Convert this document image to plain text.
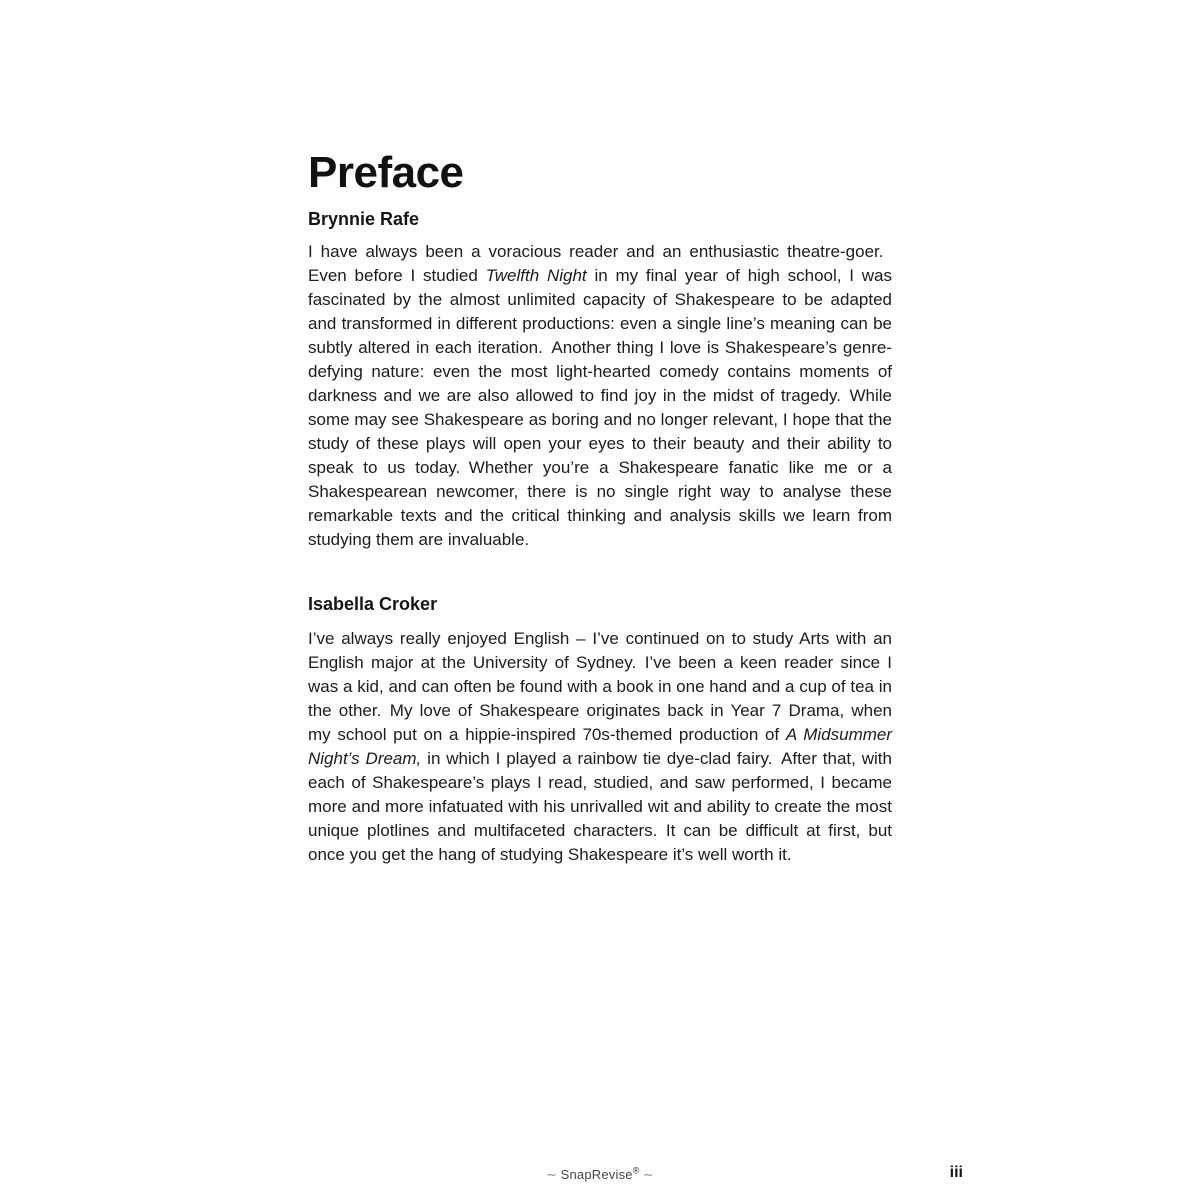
Preface
Brynnie Rafe

I have always been a voracious reader and an enthusiastic theatre-goer. Even before I studied Twelfth Night in my final year of high school, I was fascinated by the almost unlimited capacity of Shakespeare to be adapted and transformed in different productions: even a single line’s meaning can be subtly altered in each iteration. Another thing I love is Shakespeare’s genre-defying nature: even the most light-hearted comedy contains moments of darkness and we are also allowed to find joy in the midst of tragedy. While some may see Shakespeare as boring and no longer relevant, I hope that the study of these plays will open your eyes to their beauty and their ability to speak to us today. Whether you’re a Shakespeare fanatic like me or a Shakespearean newcomer, there is no single right way to analyse these remarkable texts and the critical thinking and analysis skills we learn from studying them are invaluable.

Isabella Croker

I’ve always really enjoyed English – I’ve continued on to study Arts with an English major at the University of Sydney. I’ve been a keen reader since I was a kid, and can often be found with a book in one hand and a cup of tea in the other. My love of Shakespeare originates back in Year 7 Drama, when my school put on a hippie-inspired 70s-themed production of A Midsummer Night’s Dream, in which I played a rainbow tie dye-clad fairy. After that, with each of Shakespeare’s plays I read, studied, and saw performed, I became more and more infatuated with his unrivalled wit and ability to create the most unique plotlines and multifaceted characters. It can be difficult at first, but once you get the hang of studying Shakespeare it’s well worth it.

∼ SnapRevise® ∼	iii
